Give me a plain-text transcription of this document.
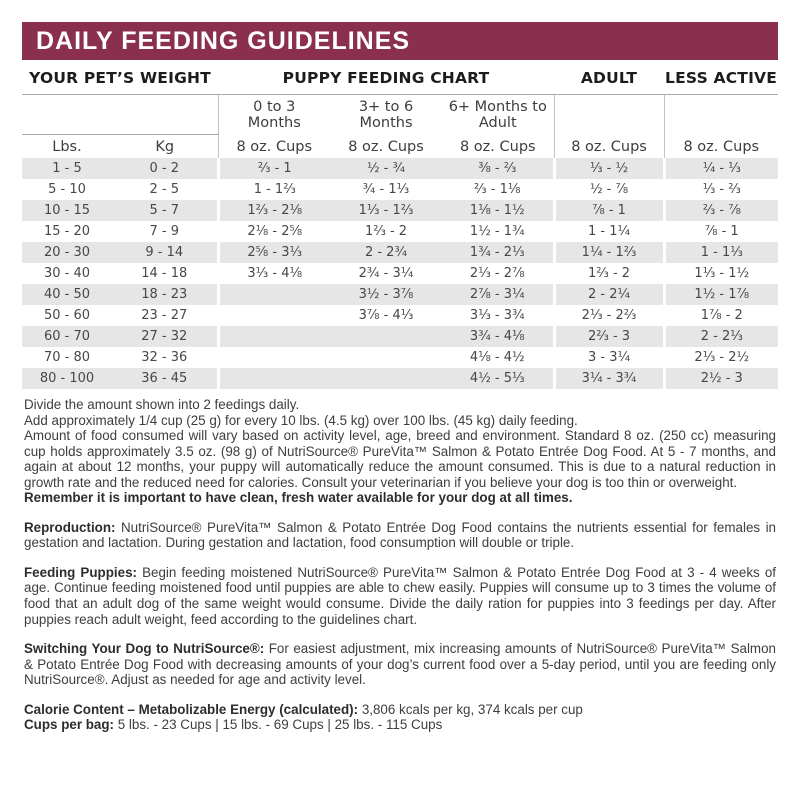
DAILY FEEDING GUIDELINES
YOUR PET’S WEIGHT		PUPPY FEEDING CHART			ADULT	LESS ACTIVE
		0 to 3 Months	3+ to 6 Months	6+ Months to Adult		
Lbs.	Kg	8 oz. Cups	8 oz. Cups	8 oz. Cups	8 oz. Cups	8 oz. Cups
1 - 5	0 - 2	⅔ - 1	½ - ¾	⅜ - ⅔	⅓ - ½	¼ - ⅓
5 - 10	2 - 5	1 - 1⅔	¾ - 1⅓	⅔ - 1⅛	½ - ⅞	⅓ - ⅔
10 - 15	5 - 7	1⅔ - 2⅛	1⅓ - 1⅔	1⅛ - 1½	⅞ - 1	⅔ - ⅞
15 - 20	7 - 9	2⅛ - 2⅝	1⅔ - 2	1½ - 1¾	1 - 1¼	⅞ - 1
20 - 30	9 - 14	2⅝ - 3⅓	2 - 2¾	1¾ - 2⅓	1¼ - 1⅔	1 - 1⅓
30 - 40	14 - 18	3⅓ - 4⅛	2¾ - 3¼	2⅓ - 2⅞	1⅔ - 2	1⅓ - 1½
40 - 50	18 - 23		3½ - 3⅞	2⅞ - 3¼	2 - 2¼	1½ - 1⅞
50 - 60	23 - 27		3⅞ - 4⅓	3⅓ - 3¾	2⅓ - 2⅔	1⅞ - 2
60 - 70	27 - 32			3¾ - 4⅛	2⅔ - 3	2 - 2⅓
70 - 80	32 - 36			4⅛ - 4½	3 - 3¼	2⅓ - 2½
80 - 100	36 - 45			4½ - 5⅓	3¼ - 3¾	2½ - 3

Divide the amount shown into 2 feedings daily.

Add approximately 1/4 cup (25 g) for every 10 lbs. (4.5 kg) over 100 lbs. (45 kg) daily feeding.

Amount of food consumed will vary based on activity level, age, breed and environment. Standard 8 oz. (250 cc) measuring cup holds approximately 3.5 oz. (98 g) of NutriSource® PureVita™ Salmon & Potato Entrée Dog Food. At 5 - 7 months, and again at about 12 months, your puppy will automatically reduce the amount consumed. This is due to a natural reduction in growth rate and the reduced need for calories. Consult your veterinarian if you believe your dog is too thin or overweight.

Remember it is important to have clean, fresh water available for your dog at all times.

Reproduction: NutriSource® PureVita™ Salmon & Potato Entrée Dog Food contains the nutrients essential for females in gestation and lactation. During gestation and lactation, food consumption will double or triple.
Feeding Puppies: Begin feeding moistened NutriSource® PureVita™ Salmon & Potato Entrée Dog Food at 3 - 4 weeks of age. Continue feeding moistened food until puppies are able to chew easily. Puppies will consume up to 3 times the volume of food that an adult dog of the same weight would consume. Divide the daily ration for puppies into 3 feedings per day. After puppies reach adult weight, feed according to the guidelines chart.
Switching Your Dog to NutriSource®: For easiest adjustment, mix increasing amounts of NutriSource® PureVita™ Salmon & Potato Entrée Dog Food with decreasing amounts of your dog’s current food over a 5-day period, until you are feeding only NutriSource®. Adjust as needed for age and activity level.

Calorie Content – Metabolizable Energy (calculated): 3,806 kcals per kg, 374 kcals per cup

Cups per bag: 5 lbs. - 23 Cups | 15 lbs. - 69 Cups | 25 lbs. - 115 Cups
